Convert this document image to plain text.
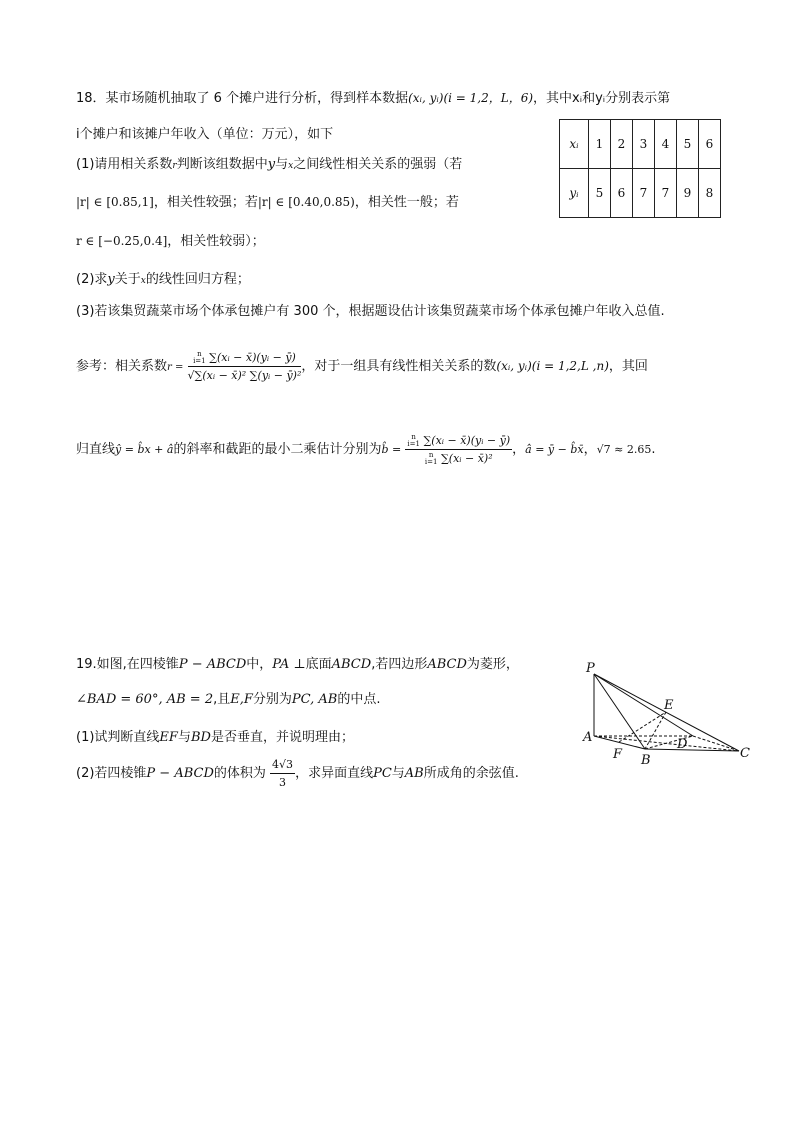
18．某市场随机抽取了 6 个摊户进行分析，得到样本数据(xᵢ, yᵢ)(i = 1,2，L，6)，其中xᵢ和yᵢ分别表示第
i个摊户和该摊户年收入（单位：万元），如下
(1)请用相关系数r判断该组数据中y与x之间线性相关关系的强弱（若
|r| ∈ [0.85,1]，相关性较强；若|r| ∈ [0.40,0.85)，相关性一般；若
r ∈ [−0.25,0.4]，相关性较弱）；
(2)求y关于x的线性回归方程；
(3)若该集贸蔬菜市场个体承包摊户有 300 个，根据题设估计该集贸蔬菜市场个体承包摊户年收入总值.
参考：相关系数r = n
i=1 ∑(xᵢ − x̄)(yᵢ − ȳ)
√∑(xᵢ − x̄)² ∑(yᵢ − ȳ)² ，对于一组具有线性相关关系的数(xᵢ, yᵢ)(i = 1,2,L ,n)，其回
归直线ŷ = b̂x + â的斜率和截距的最小二乘估计分别为b̂ = n
i=1 ∑(xᵢ − x̄)(yᵢ − ȳ)
n
i=1 ∑(xᵢ − x̄)² ，â = ȳ − b̂x̄，√7 ≈ 2.65.
xᵢ	1	2	3	4	5	6
yᵢ	5	6	7	7	9	8
19.如图,在四棱锥P − ABCD中，PA ⊥底面ABCD,若四边形ABCD为菱形，
∠BAD = 60°, AB = 2,且E,F分别为PC, AB的中点.
(1)试判断直线EF与BD是否垂直，并说明理由；
(2)若四棱锥P − ABCD的体积为 $\frac{4√3}{3}$ ，求异面直线PC与AB所成角的余弦值.
P
A
F B
D
E
C
